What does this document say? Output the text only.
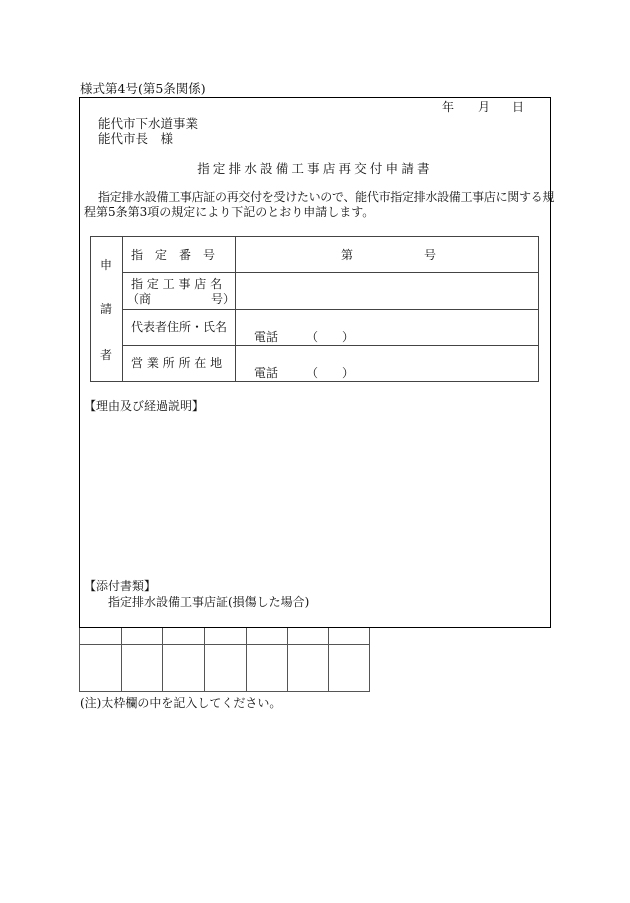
様式第4号(第5条関係)
年 月 日
能代市下水道事業
能代市長　様
指定排水設備工事店再交付申請書
指定排水設備工事店証の再交付を受けたいので、能代市指定排水設備工事店に関する規
程第5条第3項の規定により下記のとおり申請します。
申
請
者
指　定　番　号	第	号
指 定 工 事 店 名
（商　　　　　号）
代表者住所・氏名
電話 （　　）
営 業 所 所 在 地
電話 （　　）
【理由及び経過説明】
【添付書類】
指定排水設備工事店証(損傷した場合)
(注)太枠欄の中を記入してください。
